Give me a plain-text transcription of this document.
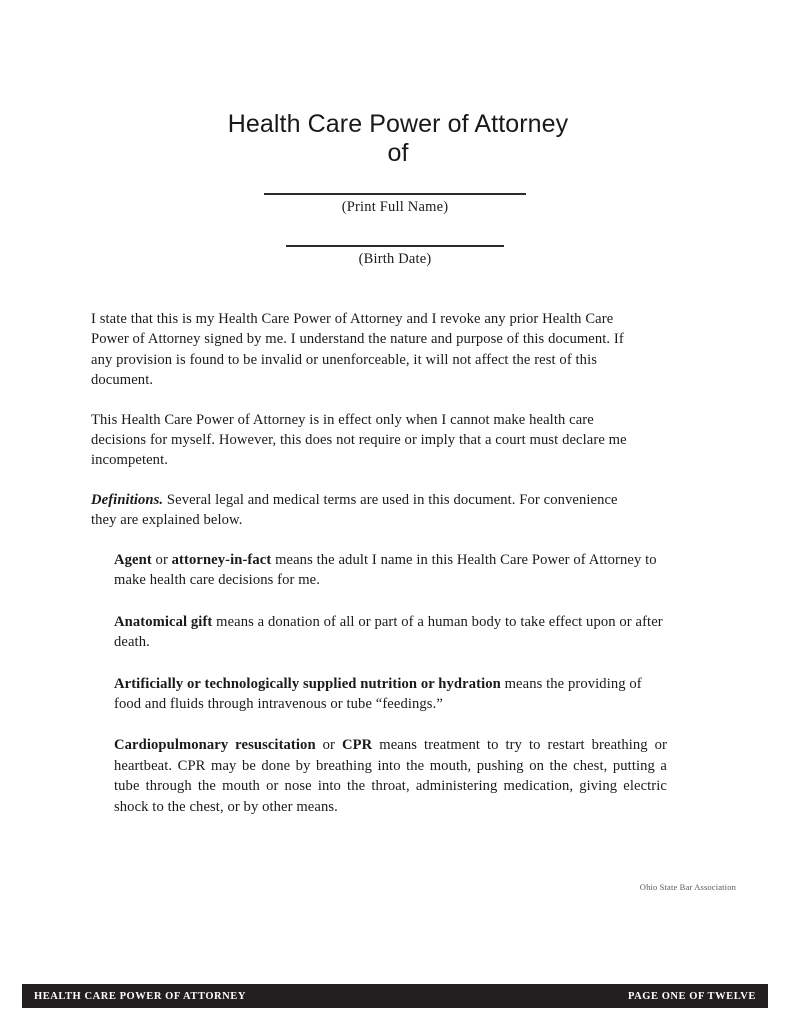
Health Care Power of Attorney
of
(Print Full Name)
(Birth Date)

I state that this is my Health Care Power of Attorney and I revoke any prior Health Care Power of Attorney signed by me. I understand the nature and purpose of this document. If any provision is found to be invalid or unenforceable, it will not affect the rest of this document.

This Health Care Power of Attorney is in effect only when I cannot make health care decisions for myself. However, this does not require or imply that a court must declare me incompetent.

Definitions. Several legal and medical terms are used in this document. For convenience they are explained below.

Agent or attorney-in-fact means the adult I name in this Health Care Power of Attorney to make health care decisions for me.

Anatomical gift means a donation of all or part of a human body to take effect upon or after death.

Artificially or technologically supplied nutrition or hydration means the providing of food and fluids through intravenous or tube “feedings.”

Cardiopulmonary resuscitation or CPR means treatment to try to restart breathing or heartbeat. CPR may be done by breathing into the mouth, pushing on the chest, putting a tube through the mouth or nose into the throat, administering medication, giving electric shock to the chest, or by other means.

Ohio State Bar Association
HEALTH CARE POWER OF ATTORNEY	PAGE ONE OF TWELVE
